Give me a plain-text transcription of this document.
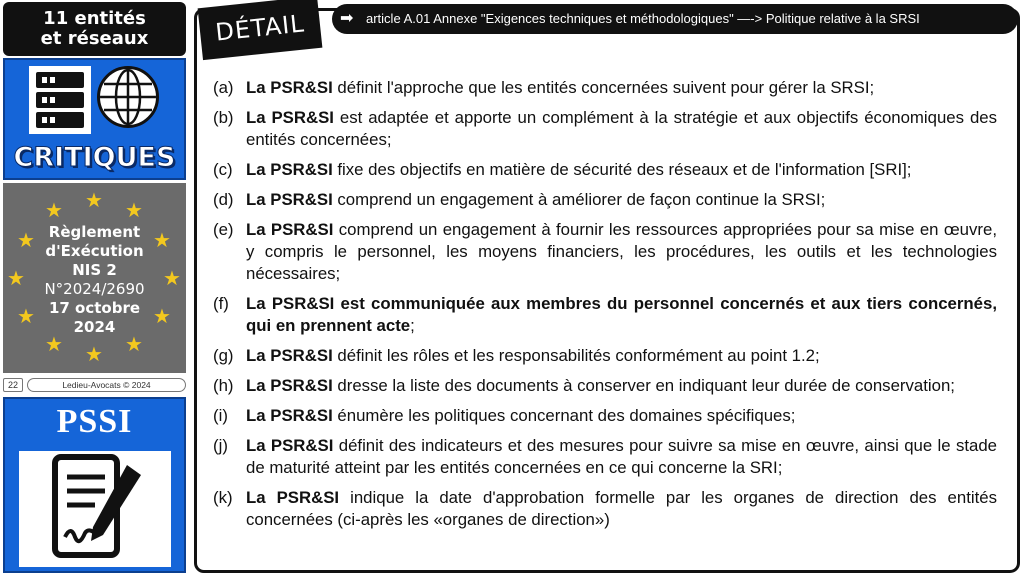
11 entités
et réseaux
CRITIQUES
★ ★
★
★
★
★
★
★
★
★
★
★
Règlement
d'Exécution
NIS 2
N°2024/2690
17 octobre
2024
22	Ledieu-Avocats © 2024
PSSI
(a) La PSR&SI définit l'approche que les entités concernées suivent pour gérer la SRSI;
(b) La PSR&SI est adaptée et apporte un complément à la stratégie et aux objectifs économiques des entités concernées;
(c) La PSR&SI fixe des objectifs en matière de sécurité des réseaux et de l'information [SRI];
(d) La PSR&SI comprend un engagement à améliorer de façon continue la SRSI;
(e) La PSR&SI comprend un engagement à fournir les ressources appropriées pour sa mise en œuvre, y compris le personnel, les moyens financiers, les procédures, les outils et les technologies nécessaires;
(f)	La PSR&SI est communiquée aux membres du personnel concernés et aux tiers concernés, qui en prennent acte;
(g) La PSR&SI définit les rôles et les responsabilités conformément au point 1.2;
(h) La PSR&SI dresse la liste des documents à conserver en indiquant leur durée de conservation;
(i)	La PSR&SI énumère les politiques concernant des domaines spécifiques;
(j)	La PSR&SI définit des indicateurs et des mesures pour suivre sa mise en œuvre, ainsi que le stade de maturité atteint par les entités concernées en ce qui concerne la SRI;
(k) La PSR&SI indique la date d'approbation formelle par les organes de direction des entités concernées (ci-après les «organes de direction»)
DÉTAIL	➡ article A.01 Annexe "Exigences techniques et méthodologiques" —-> Politique relative à la SRSI
